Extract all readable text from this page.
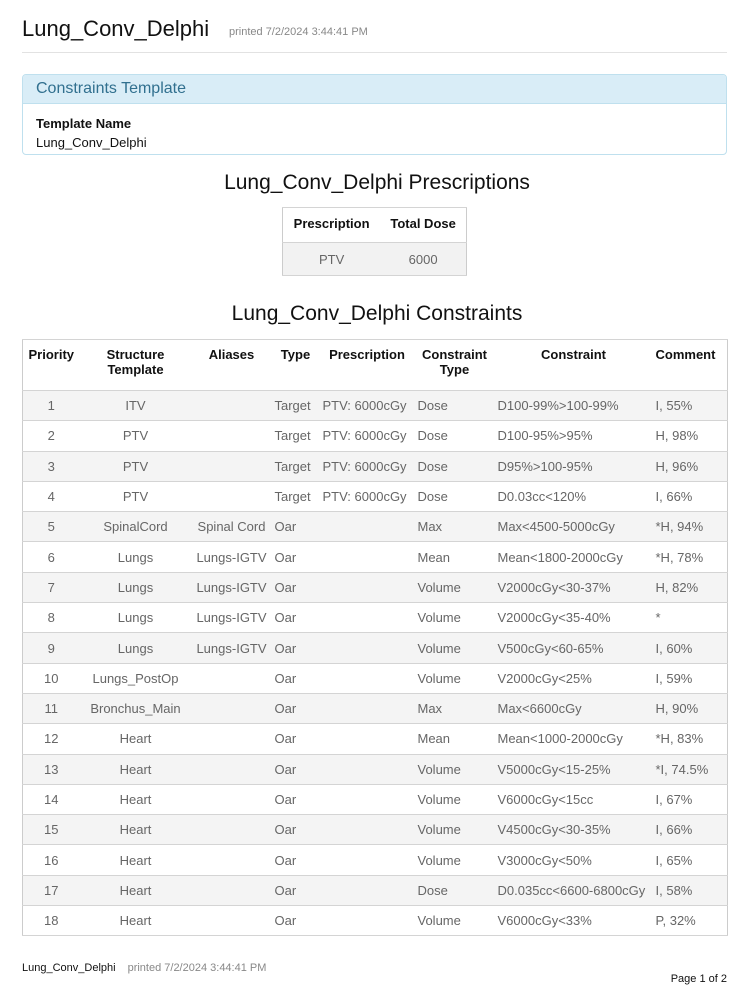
Lung_Conv_Delphi printed 7/2/2024 3:44:41 PM
Constraints Template
Template Name
Lung_Conv_Delphi
Lung_Conv_Delphi Prescriptions
Prescription	Total Dose
PTV	6000
Lung_Conv_Delphi Constraints
Priority	Structure Template	Aliases	Type	Prescription	Constraint Type	Constraint	Comment
1	ITV		Target	PTV: 6000cGy	Dose	D100-99%>100-99%	I, 55%
2	PTV		Target	PTV: 6000cGy	Dose	D100-95%>95%	H, 98%
3	PTV		Target	PTV: 6000cGy	Dose	D95%>100-95%	H, 96%
4	PTV		Target	PTV: 6000cGy	Dose	D0.03cc<120%	I, 66%
5	SpinalCord	Spinal Cord	Oar		Max	Max<4500-5000cGy	*H, 94%
6	Lungs	Lungs-IGTV	Oar		Mean	Mean<1800-2000cGy	*H, 78%
7	Lungs	Lungs-IGTV	Oar		Volume	V2000cGy<30-37%	H, 82%
8	Lungs	Lungs-IGTV	Oar		Volume	V2000cGy<35-40%	*
9	Lungs	Lungs-IGTV	Oar		Volume	V500cGy<60-65%	I, 60%
10	Lungs_PostOp		Oar		Volume	V2000cGy<25%	I, 59%
11	Bronchus_Main		Oar		Max	Max<6600cGy	H, 90%
12	Heart		Oar		Mean	Mean<1000-2000cGy	*H, 83%
13	Heart		Oar		Volume	V5000cGy<15-25%	*I, 74.5%
14	Heart		Oar		Volume	V6000cGy<15cc	I, 67%
15	Heart		Oar		Volume	V4500cGy<30-35%	I, 66%
16	Heart		Oar		Volume	V3000cGy<50%	I, 65%
17	Heart		Oar		Dose	D0.035cc<6600-6800cGy	I, 58%
18	Heart		Oar		Volume	V6000cGy<33%	P, 32%
Lung_Conv_Delphi printed 7/2/2024 3:44:41 PM
Page 1 of 2
